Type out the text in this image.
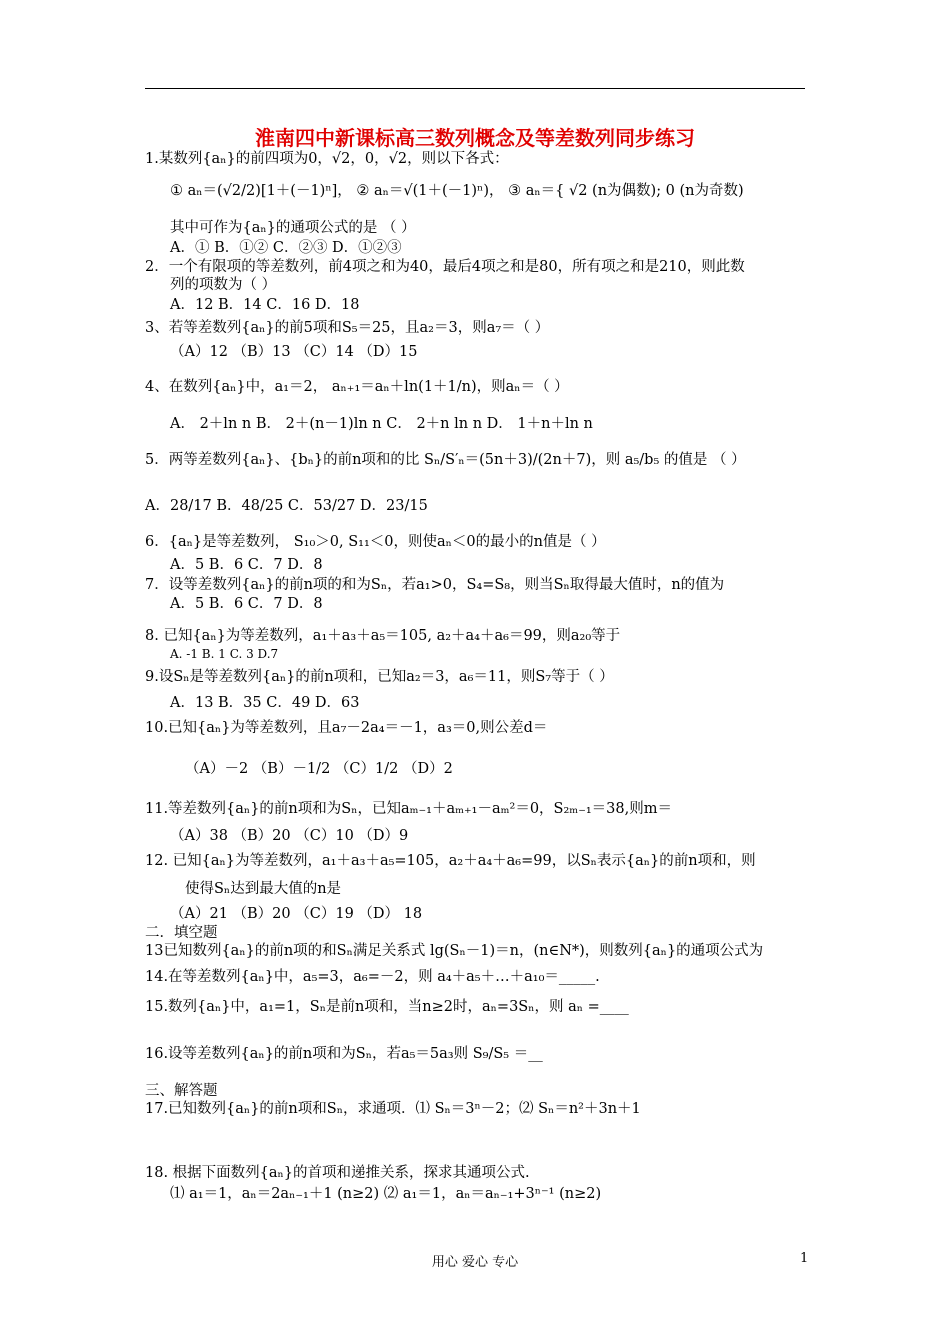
淮南四中新课标高三数列概念及等差数列同步练习
1.某数列{aₙ}的前四项为0，√2，0，√2，则以下各式：
① aₙ＝(√2/2)[1＋(－1)ⁿ]， ② aₙ＝√(1＋(－1)ⁿ)， ③ aₙ＝{ √2 (n为偶数); 0 (n为奇数)
其中可作为{aₙ}的通项公式的是 （ ）
A．① B．①② C．②③ D．①②③
2．一个有限项的等差数列，前4项之和为40，最后4项之和是80，所有项之和是210，则此数
列的项数为（ ）
A．12 B．14 C．16 D．18
3、若等差数列{aₙ}的前5项和S₅＝25，且a₂＝3，则a₇＝（ ）
（A）12 （B）13 （C）14 （D）15
4、在数列{aₙ}中，a₁＝2， aₙ₊₁＝aₙ＋ln(1＋1/n)，则aₙ＝（ ）
A． 2＋ln n B． 2＋(n－1)ln n C． 2＋n ln n D． 1＋n＋ln n
5．两等差数列{aₙ}、{bₙ}的前n项和的比 Sₙ/S′ₙ＝(5n＋3)/(2n＋7)，则 a₅/b₅ 的值是 （ ）
A．28/17 B．48/25 C．53/27 D．23/15
6．{aₙ}是等差数列， S₁₀＞0, S₁₁＜0，则使aₙ＜0的最小的n值是（ ）
A．5 B．6 C．7 D．8
7．设等差数列{aₙ}的前n项的和为Sₙ，若a₁>0，S₄=S₈，则当Sₙ取得最大值时，n的值为
A．5 B．6 C．7 D．8
8. 已知{aₙ}为等差数列，a₁＋a₃＋a₅＝105, a₂＋a₄＋a₆＝99，则a₂₀等于
A. -1 B. 1 C. 3 D.7
9.设Sₙ是等差数列{aₙ}的前n项和，已知a₂＝3，a₆＝11，则S₇等于（ ）
A．13 B．35 C．49 D．63
10.已知{aₙ}为等差数列，且a₇－2a₄＝－1，a₃＝0,则公差d＝
（A）－2 （B）－1/2 （C）1/2 （D）2
11.等差数列{aₙ}的前n项和为Sₙ，已知aₘ₋₁＋aₘ₊₁－aₘ²＝0，S₂ₘ₋₁＝38,则m＝
（A）38 （B）20 （C）10 （D）9
12. 已知{aₙ}为等差数列，a₁＋a₃＋a₅=105，a₂＋a₄＋a₆=99，以Sₙ表示{aₙ}的前n项和，则
使得Sₙ达到最大值的n是
（A）21 （B）20 （C）19 （D） 18
二．填空题
13已知数列{aₙ}的前n项的和Sₙ满足关系式 lg(Sₙ－1)＝n，(n∈N*)，则数列{aₙ}的通项公式为
14.在等差数列{aₙ}中，a₅=3，a₆=－2，则 a₄＋a₅＋…＋a₁₀＝_____.
15.数列{aₙ}中，a₁=1，Sₙ是前n项和，当n≥2时，aₙ=3Sₙ，则 aₙ =____
16.设等差数列{aₙ}的前n项和为Sₙ，若a₅＝5a₃则 S₉/S₅ ＝__
三、解答题
17.已知数列{aₙ}的前n项和Sₙ，求通项．⑴ Sₙ＝3ⁿ－2；⑵ Sₙ＝n²＋3n＋1
18. 根据下面数列{aₙ}的首项和递推关系，探求其通项公式.
⑴ a₁＝1，aₙ＝2aₙ₋₁＋1 (n≥2) ⑵ a₁＝1，aₙ＝aₙ₋₁+3ⁿ⁻¹ (n≥2)
用心 爱心 专心	1
